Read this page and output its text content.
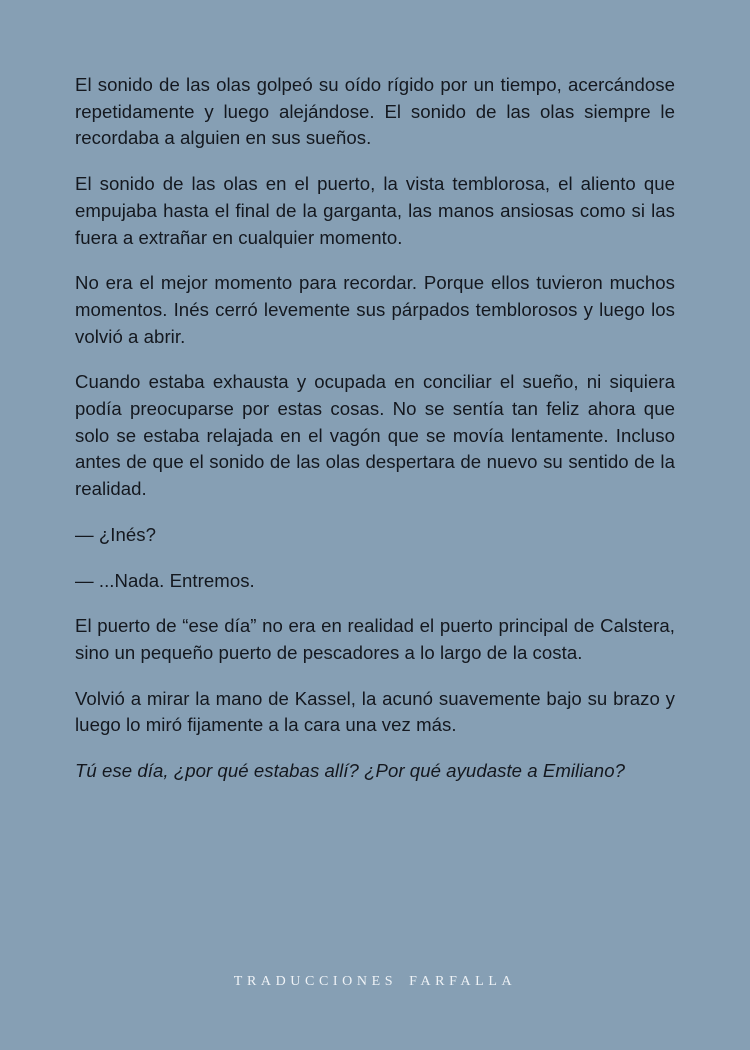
El sonido de las olas golpeó su oído rígido por un tiempo, acercándose repetidamente y luego alejándose. El sonido de las olas siempre le recordaba a alguien en sus sueños.

El sonido de las olas en el puerto, la vista temblorosa, el aliento que empujaba hasta el final de la garganta, las manos ansiosas como si las fuera a extrañar en cualquier momento.

No era el mejor momento para recordar. Porque ellos tuvieron muchos momentos. Inés cerró levemente sus párpados temblorosos y luego los volvió a abrir.

Cuando estaba exhausta y ocupada en conciliar el sueño, ni siquiera podía preocuparse por estas cosas. No se sentía tan feliz ahora que solo se estaba relajada en el vagón que se movía lentamente. Incluso antes de que el sonido de las olas despertara de nuevo su sentido de la realidad.

— ¿Inés?

— ...Nada. Entremos.

El puerto de “ese día” no era en realidad el puerto principal de Calstera, sino un pequeño puerto de pescadores a lo largo de la costa.

Volvió a mirar la mano de Kassel, la acunó suavemente bajo su brazo y luego lo miró fijamente a la cara una vez más.

Tú ese día, ¿por qué estabas allí? ¿Por qué ayudaste a Emiliano?

TRADUCCIONES FARFALLA
